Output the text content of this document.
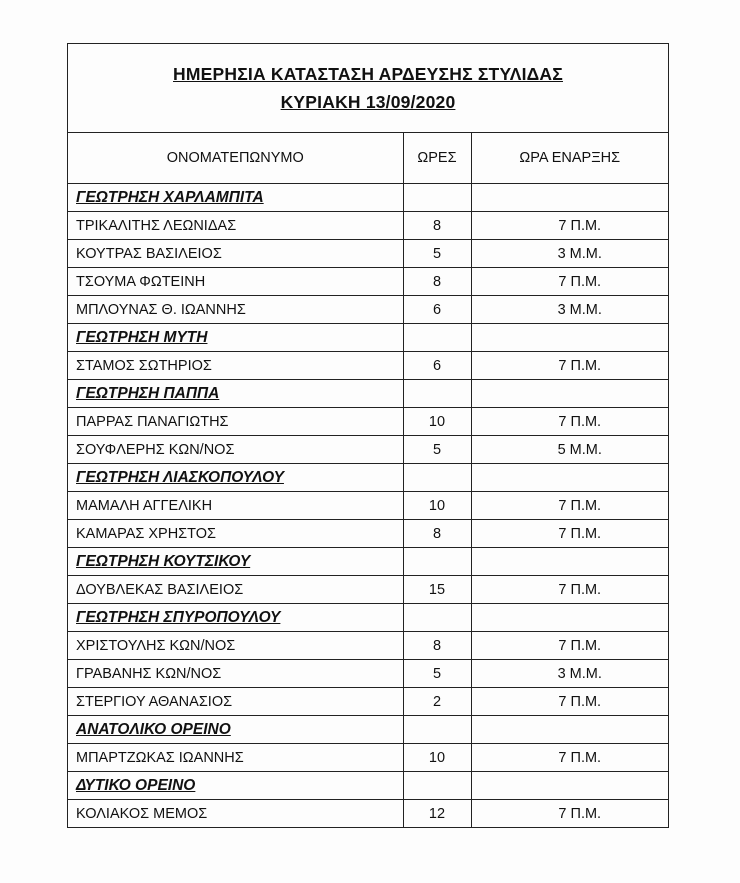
ΗΜΕΡΗΣΙΑ ΚΑΤΑΣΤΑΣΗ ΑΡΔΕΥΣΗΣ ΣΤΥΛΙΔΑΣ
ΚΥΡΙΑΚΗ 13/09/2020
ΟΝΟΜΑΤΕΠΩΝΥΜΟ	ΩΡΕΣ	ΩΡΑ ΕΝΑΡΞΗΣ
ΓΕΩΤΡΗΣΗ ΧΑΡΛΑΜΠΙΤΑ		
ΤΡΙΚΑΛΙΤΗΣ ΛΕΩΝΙΔΑΣ	8	7 Π.Μ.
ΚΟΥΤΡΑΣ ΒΑΣΙΛΕΙΟΣ	5	3 Μ.Μ.
ΤΣΟΥΜΑ ΦΩΤΕΙΝΗ	8	7 Π.Μ.
ΜΠΛΟΥΝΑΣ Θ. ΙΩΑΝΝΗΣ	6	3 Μ.Μ.
ΓΕΩΤΡΗΣΗ ΜΥΤΗ		
ΣΤΑΜΟΣ ΣΩΤΗΡΙΟΣ	6	7 Π.Μ.
ΓΕΩΤΡΗΣΗ ΠΑΠΠΑ		
ΠΑΡΡΑΣ ΠΑΝΑΓΙΩΤΗΣ	10	7 Π.Μ.
ΣΟΥΦΛΕΡΗΣ ΚΩΝ/ΝΟΣ	5	5 Μ.Μ.
ΓΕΩΤΡΗΣΗ ΛΙΑΣΚΟΠΟΥΛΟΥ		
ΜΑΜΑΛΗ ΑΓΓΕΛΙΚΗ	10	7 Π.Μ.
ΚΑΜΑΡΑΣ ΧΡΗΣΤΟΣ	8	7 Π.Μ.
ΓΕΩΤΡΗΣΗ ΚΟΥΤΣΙΚΟΥ		
ΔΟΥΒΛΕΚΑΣ ΒΑΣΙΛΕΙΟΣ	15	7 Π.Μ.
ΓΕΩΤΡΗΣΗ ΣΠΥΡΟΠΟΥΛΟΥ		
ΧΡΙΣΤΟΥΛΗΣ ΚΩΝ/ΝΟΣ	8	7 Π.Μ.
ΓΡΑΒΑΝΗΣ ΚΩΝ/ΝΟΣ	5	3 Μ.Μ.
ΣΤΕΡΓΙΟΥ ΑΘΑΝΑΣΙΟΣ	2	7 Π.Μ.
ΑΝΑΤΟΛΙΚΟ ΟΡΕΙΝΟ		
ΜΠΑΡΤΖΩΚΑΣ ΙΩΑΝΝΗΣ	10	7 Π.Μ.
ΔΥΤΙΚΟ ΟΡΕΙΝΟ		
ΚΟΛΙΑΚΟΣ ΜΕΜΟΣ	12	7 Π.Μ.
